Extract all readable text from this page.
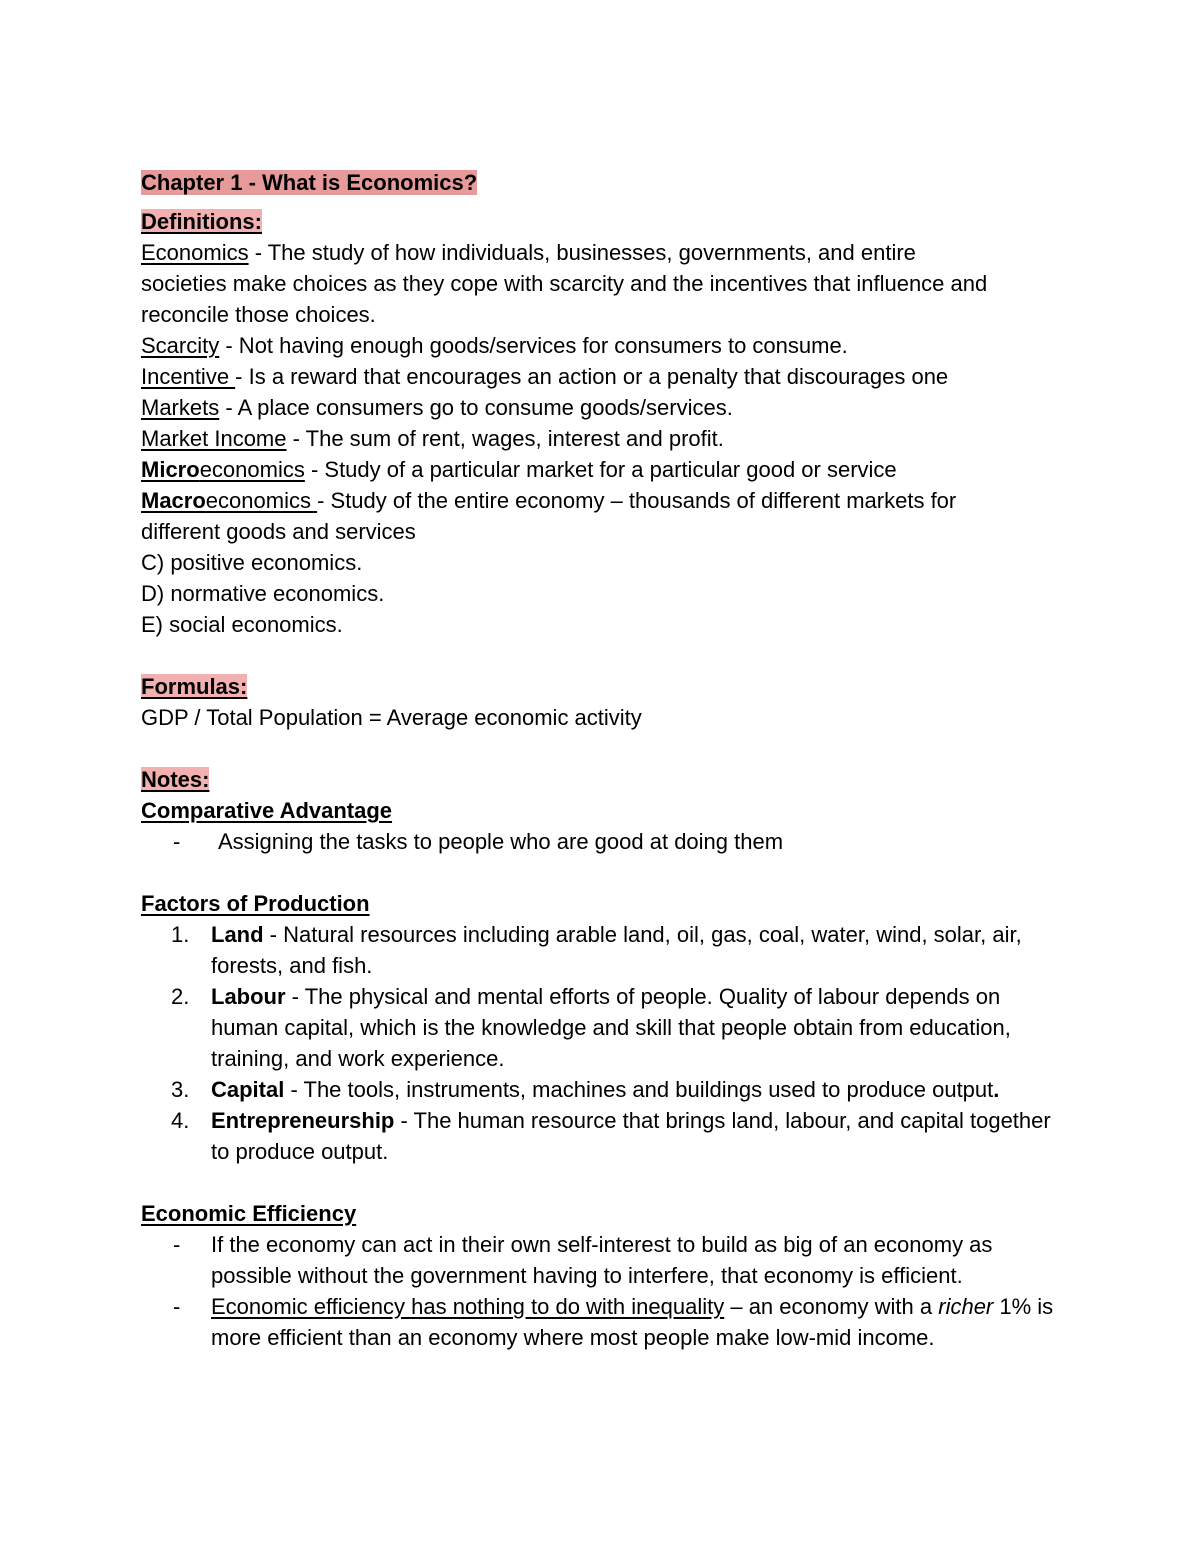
Chapter 1 - What is Economics?
Definitions:
Economics - The study of how individuals, businesses, governments, and entire
societies make choices as they cope with scarcity and the incentives that influence and
reconcile those choices.
Scarcity - Not having enough goods/services for consumers to consume.
Incentive - Is a reward that encourages an action or a penalty that discourages one
Markets - A place consumers go to consume goods/services.
Market Income - The sum of rent, wages, interest and profit.
Microeconomics - Study of a particular market for a particular good or service
Macroeconomics - Study of the entire economy – thousands of different markets for
different goods and services
C) positive economics.
D) normative economics.
E) social economics.
Formulas:
GDP / Total Population = Average economic activity
Notes:
Comparative Advantage
- Assigning the tasks to people who are good at doing them
Factors of Production
1. Land - Natural resources including arable land, oil, gas, coal, water, wind, solar, air, forests, and fish.
2. Labour - The physical and mental efforts of people. Quality of labour depends on human capital, which is the knowledge and skill that people obtain from education, training, and work experience.
3. Capital - The tools, instruments, machines and buildings used to produce output.
4. Entrepreneurship - The human resource that brings land, labour, and capital together to produce output.
Economic Efficiency
- If the economy can act in their own self-interest to build as big of an economy as possible without the government having to interfere, that economy is efficient.
- Economic efficiency has nothing to do with inequality – an economy with a richer 1% is more efficient than an economy where most people make low-mid income.
